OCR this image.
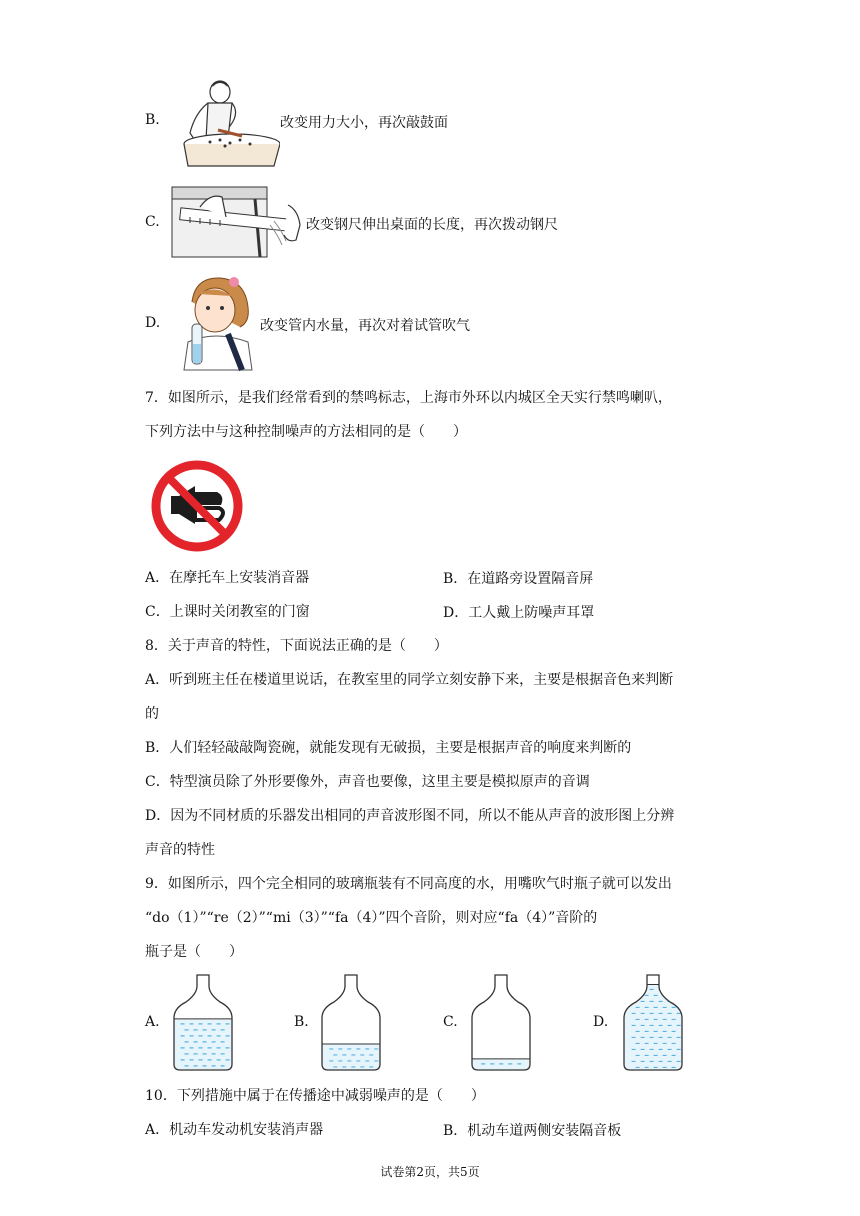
B.	改变用力大小，再次敲鼓面
C.	改变钢尺伸出桌面的长度，再次拨动钢尺
D.	改变管内水量，再次对着试管吹气
7．如图所示，是我们经常看到的禁鸣标志，上海市外环以内城区全天实行禁鸣喇叭，
下列方法中与这种控制噪声的方法相同的是（　　）
A．在摩托车上安装消音器	B．在道路旁设置隔音屏
C．上课时关闭教室的门窗	D．工人戴上防噪声耳罩
8．关于声音的特性，下面说法正确的是（　　）
A．听到班主任在楼道里说话，在教室里的同学立刻安静下来，主要是根据音色来判断
的
B．人们轻轻敲敲陶瓷碗，就能发现有无破损，主要是根据声音的响度来判断的
C．特型演员除了外形要像外，声音也要像，这里主要是模拟原声的音调
D．因为不同材质的乐器发出相同的声音波形图不同，所以不能从声音的波形图上分辨
声音的特性
9．如图所示，四个完全相同的玻璃瓶装有不同高度的水，用嘴吹气时瓶子就可以发出
“do（1）”“re（2）”“mi（3）”“fa（4）”四个音阶，则对应“fa（4）”音阶的
瓶子是（　　）
A.	B.	C.	D.
10．下列措施中属于在传播途中减弱噪声的是（　　）
A．机动车发动机安装消声器	B．机动车道两侧安装隔音板
试卷第2页，共5页
